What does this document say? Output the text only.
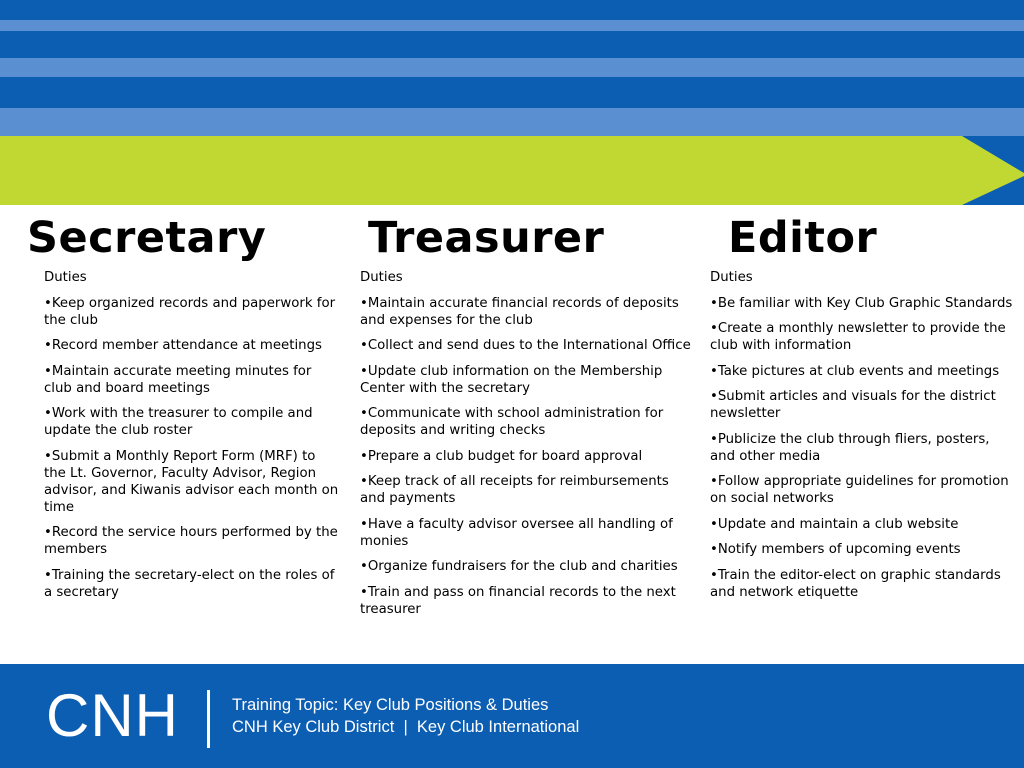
Secretary Treasurer	Editor

Duties

•Keep organized records and paperwork for the club

•Record member attendance at meetings

•Maintain accurate meeting minutes for club and board meetings

•Work with the treasurer to compile and update the club roster

•Submit a Monthly Report Form (MRF) to the Lt. Governor, Faculty Advisor, Region advisor, and Kiwanis advisor each month on time

•Record the service hours performed by the members

•Training the secretary-elect on the roles of a secretary

Duties

•Maintain accurate financial records of deposits and expenses for the club

•Collect and send dues to the International Office

•Update club information on the Membership Center with the secretary

•Communicate with school administration for deposits and writing checks

•Prepare a club budget for board approval

•Keep track of all receipts for reimbursements and payments

•Have a faculty advisor oversee all handling of monies

•Organize fundraisers for the club and charities

•Train and pass on financial records to the next treasurer

Duties

•Be familiar with Key Club Graphic Standards

•Create a monthly newsletter to provide the club with information

•Take pictures at club events and meetings

•Submit articles and visuals for the district newsletter

•Publicize the club through fliers, posters, and other media

•Follow appropriate guidelines for promotion on social networks

•Update and maintain a club website

•Notify members of upcoming events

•Train the editor-elect on graphic standards and network etiquette

CNH	Training Topic: Key Club Positions & Duties
CNH Key Club District  |  Key Club International
